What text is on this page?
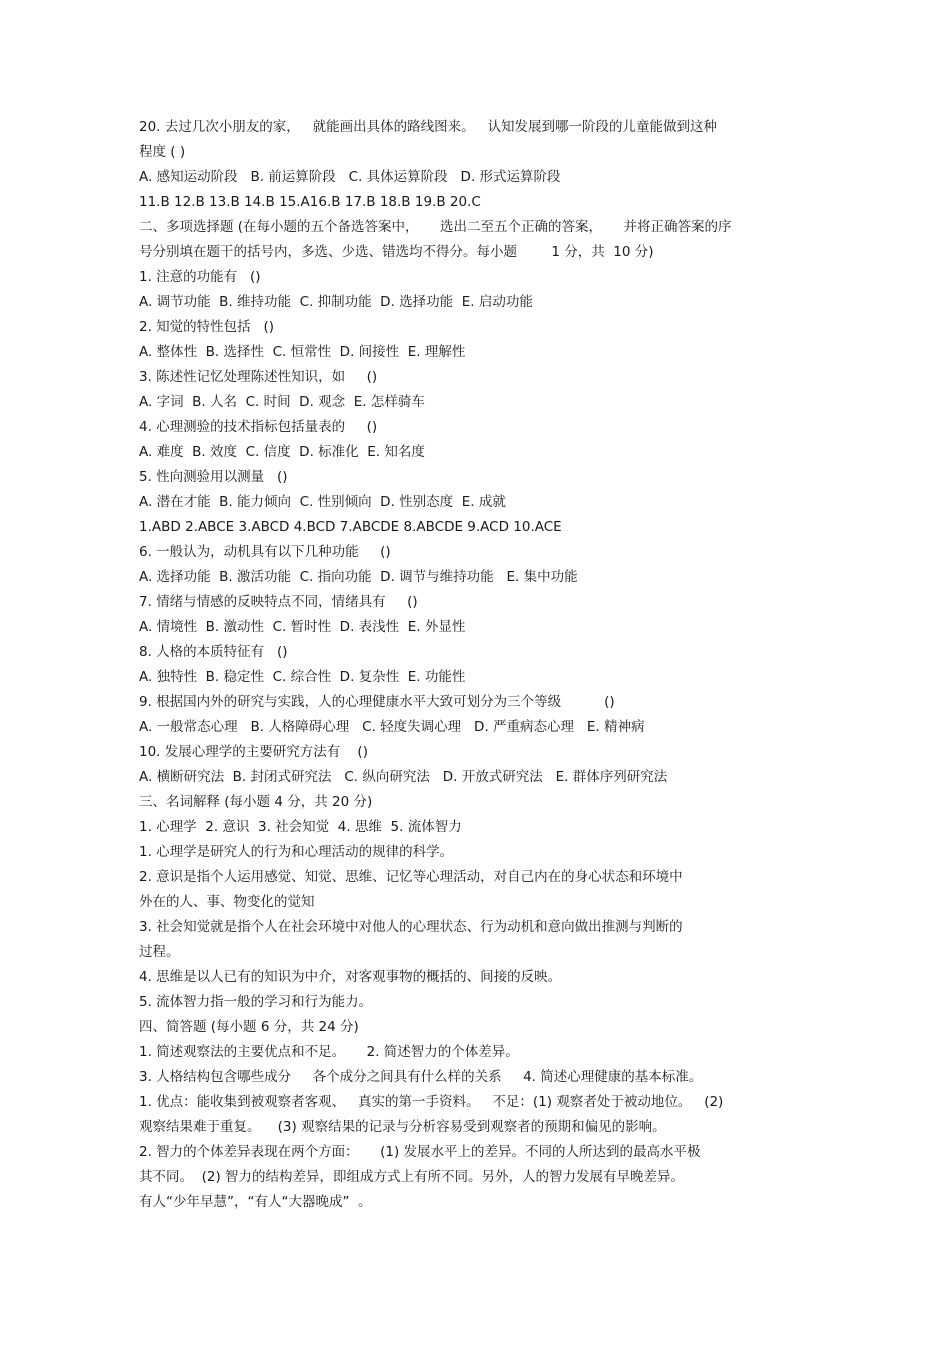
20. 去过几次小朋友的家，   就能画出具体的路线图来。   认知发展到哪一阶段的儿童能做到这种
程度 ( )
A. 感知运动阶段   B. 前运算阶段   C. 具体运算阶段   D. 形式运算阶段
11.B 12.B 13.B 14.B 15.A16.B 17.B 18.B 19.B 20.C
二、多项选择题 (在每小题的五个备选答案中，     选出二至五个正确的答案，     并将正确答案的序
号分别填在题干的括号内，多选、少选、错选均不得分。每小题        1 分，共  10 分)
1. 注意的功能有   ()
A. 调节功能  B. 维持功能  C. 抑制功能  D. 选择功能  E. 启动功能
2. 知觉的特性包括   ()
A. 整体性  B. 选择性  C. 恒常性  D. 间接性  E. 理解性
3. 陈述性记忆处理陈述性知识，如     ()
A. 字词  B. 人名  C. 时间  D. 观念  E. 怎样骑车
4. 心理测验的技术指标包括量表的     ()
A. 难度  B. 效度  C. 信度  D. 标准化  E. 知名度
5. 性向测验用以测量   ()
A. 潜在才能  B. 能力倾向  C. 性别倾向  D. 性别态度  E. 成就
1.ABD 2.ABCE 3.ABCD 4.BCD 7.ABCDE 8.ABCDE 9.ACD 10.ACE
6. 一般认为，动机具有以下几种功能     ()
A. 选择功能  B. 激活功能  C. 指向功能  D. 调节与维持功能   E. 集中功能
7. 情绪与情感的反映特点不同，情绪具有     ()
A. 情境性  B. 激动性  C. 暂时性  D. 表浅性  E. 外显性
8. 人格的本质特征有   ()
A. 独特性  B. 稳定性  C. 综合性  D. 复杂性  E. 功能性
9. 根据国内外的研究与实践，人的心理健康水平大致可划分为三个等级          ()
A. 一般常态心理   B. 人格障碍心理   C. 轻度失调心理   D. 严重病态心理   E. 精神病
10. 发展心理学的主要研究方法有    ()
A. 横断研究法  B. 封闭式研究法   C. 纵向研究法   D. 开放式研究法   E. 群体序列研究法
三、名词解释 (每小题 4 分，共 20 分)
1. 心理学  2. 意识  3. 社会知觉  4. 思维  5. 流体智力
1. 心理学是研究人的行为和心理活动的规律的科学。
2. 意识是指个人运用感觉、知觉、思维、记忆等心理活动，对自己内在的身心状态和环境中
外在的人、事、物变化的觉知
3. 社会知觉就是指个人在社会环境中对他人的心理状态、行为动机和意向做出推测与判断的
过程。
4. 思维是以人已有的知识为中介，对客观事物的概括的、间接的反映。
5. 流体智力指一般的学习和行为能力。
四、简答题 (每小题 6 分，共 24 分)
1. 简述观察法的主要优点和不足。     2. 简述智力的个体差异。
3. 人格结构包含哪些成分     各个成分之间具有什么样的关系     4. 简述心理健康的基本标准。
1. 优点：能收集到被观察者客观、   真实的第一手资料。   不足：(1) 观察者处于被动地位。   (2)
观察结果难于重复。    (3) 观察结果的记录与分析容易受到观察者的预期和偏见的影响。
2. 智力的个体差异表现在两个方面：     (1) 发展水平上的差异。不同的人所达到的最高水平极
其不同。  (2) 智力的结构差异，即组成方式上有所不同。另外，人的智力发展有早晚差异。
有人“少年早慧”，“有人“大器晚成”  。
